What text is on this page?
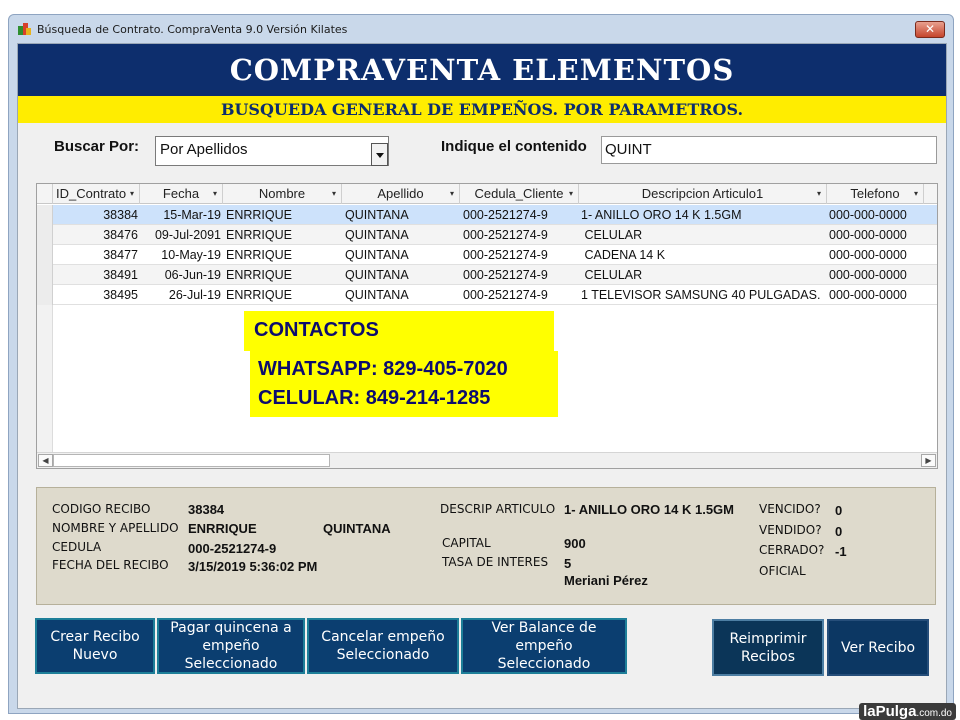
Búsqueda de Contrato. CompraVenta 9.0 Versión Kilates	✕
COMPRAVENTA ELEMENTOS
BUSQUEDA GENERAL DE EMPEÑOS. POR PARAMETROS.
Buscar Por:	Por Apellidos	Indique el contenido QUINT
ID_Contrato ▾	Fecha ▾	Nombre	▾	Apellido	▾	Cedula_Cliente ▾	Descripcion Articulo1	▾	Telefono ▾
38384	15-Mar-19 ENRRIQUE	QUINTANA	000-2521274-9	1- ANILLO ORO 14 K 1.5GM	000-000-0000
38476	09-Jul-2091 ENRRIQUE	QUINTANA	000-2521274-9	CELULAR	000-000-0000
38477	10-May-19 ENRRIQUE	QUINTANA	000-2521274-9	CADENA 14 K	000-000-0000
38491	06-Jun-19 ENRRIQUE	QUINTANA	000-2521274-9	CELULAR	000-000-0000
38495	26-Jul-19 ENRRIQUE	QUINTANA	000-2521274-9	1 TELEVISOR SAMSUNG 40 PULGADAS. 000-000-0000
◀	▶
CONTACTOS
WHATSAPP: 829-405-7020
CELULAR: 849-214-1285
CODIGO RECIBO	38384
NOMBRE Y APELLIDO ENRRIQUE	QUINTANA
CEDULA	000-2521274-9
FECHA DEL RECIBO 3/15/2019 5:36:02 PM
DESCRIP ARTICULO 1- ANILLO ORO 14 K 1.5GM
CAPITAL	900
TASA DE INTERES 5
Meriani Pérez
VENCIDO? 0
VENDIDO? 0
CERRADO? -1
OFICIAL
Crear Recibo
Nuevo
Pagar quincena a
empeño Seleccionado
Cancelar empeño
Seleccionado
Ver Balance de empeño
Seleccionado
Reimprimir
Recibos
Ver Recibo
laPulga.com.do
